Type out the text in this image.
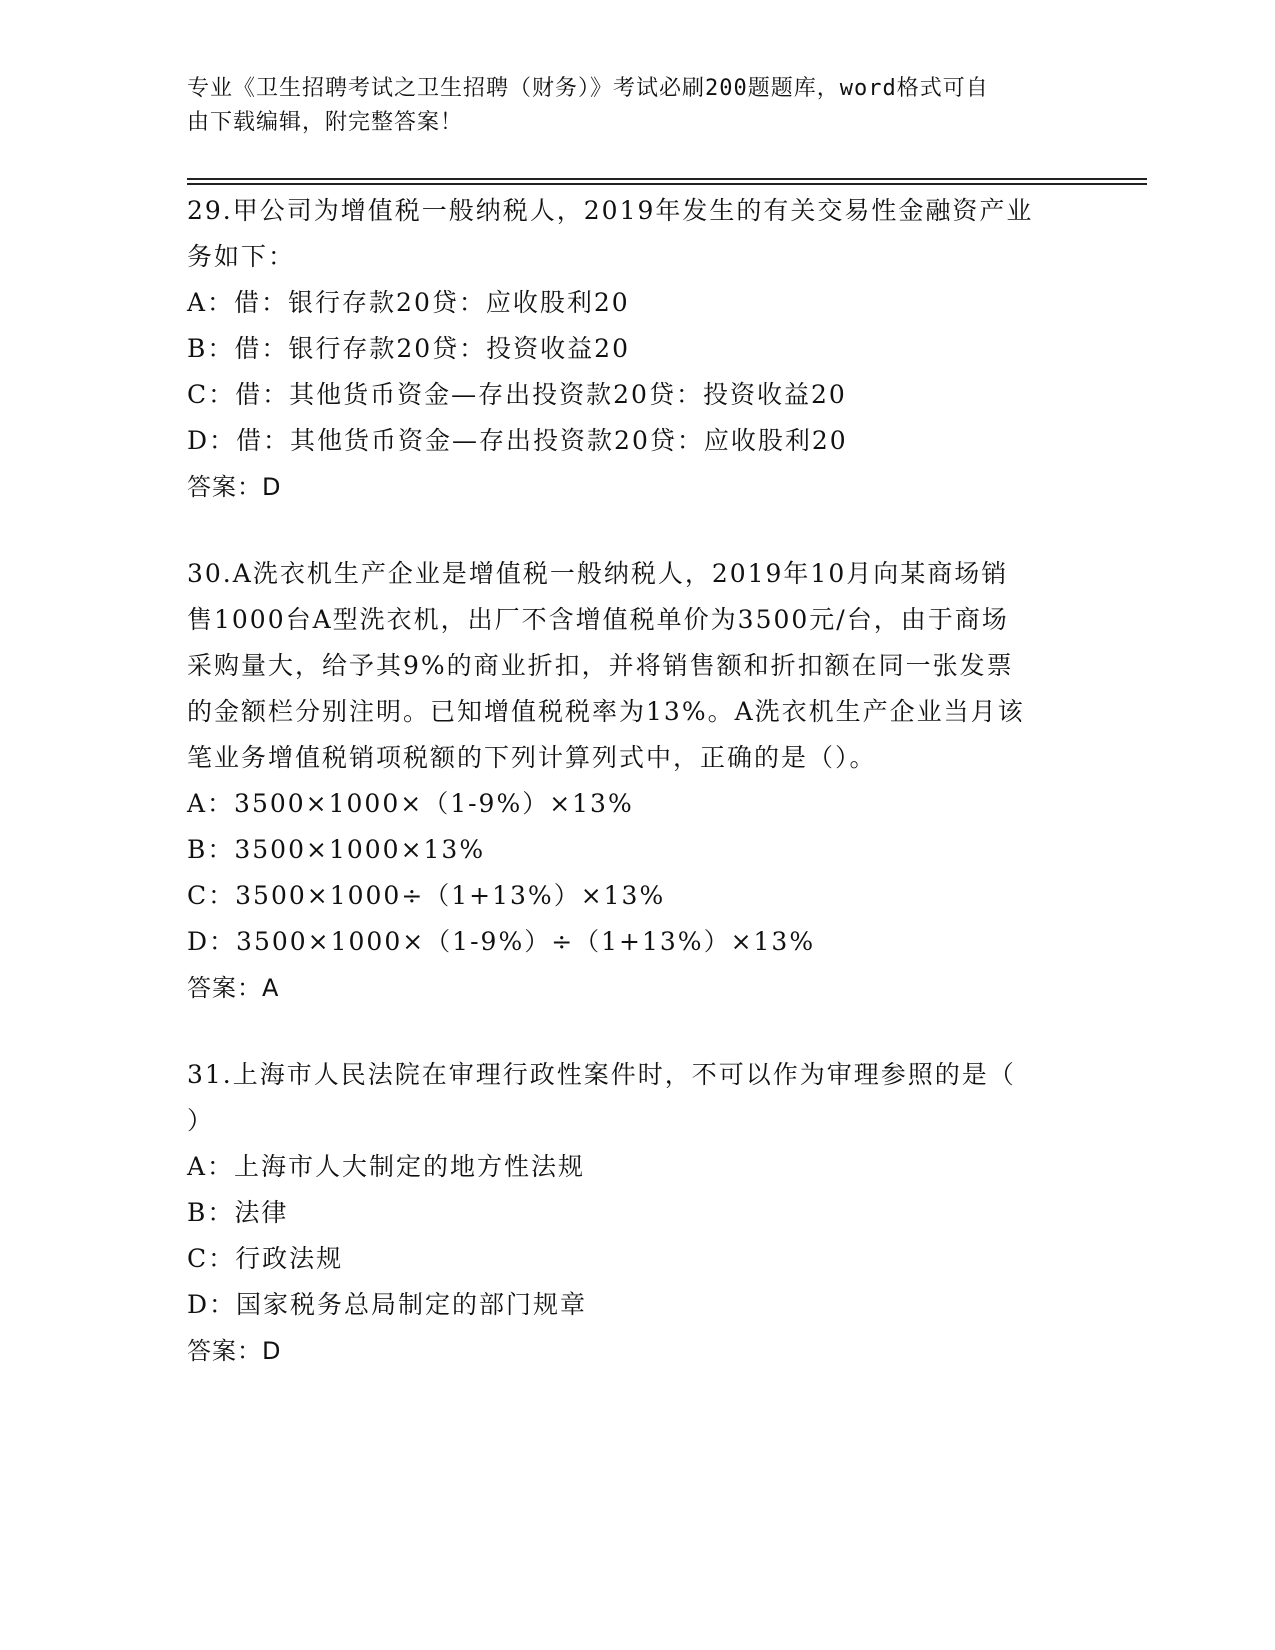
专业《卫生招聘考试之卫生招聘（财务）》考试必刷200题题库，word格式可自
由下载编辑，附完整答案！
29.甲公司为增值税一般纳税人，2019年发生的有关交易性金融资产业
务如下：
A：借：银行存款20贷：应收股利20
B：借：银行存款20贷：投资收益20
C：借：其他货币资金—存出投资款20贷：投资收益20
D：借：其他货币资金—存出投资款20贷：应收股利20
答案：D
30.A洗衣机生产企业是增值税一般纳税人，2019年10月向某商场销
售1000台A型洗衣机，出厂不含增值税单价为3500元/台，由于商场
采购量大，给予其9%的商业折扣，并将销售额和折扣额在同一张发票
的金额栏分别注明。已知增值税税率为13%。A洗衣机生产企业当月该
笔业务增值税销项税额的下列计算列式中，正确的是（）。
A：3500×1000×（1-9%）×13%
B：3500×1000×13%
C：3500×1000÷（1+13%）×13%
D：3500×1000×（1-9%）÷（1+13%）×13%
答案：A
31.上海市人民法院在审理行政性案件时，不可以作为审理参照的是（
）
A：上海市人大制定的地方性法规
B：法律
C：行政法规
D：国家税务总局制定的部门规章
答案：D
